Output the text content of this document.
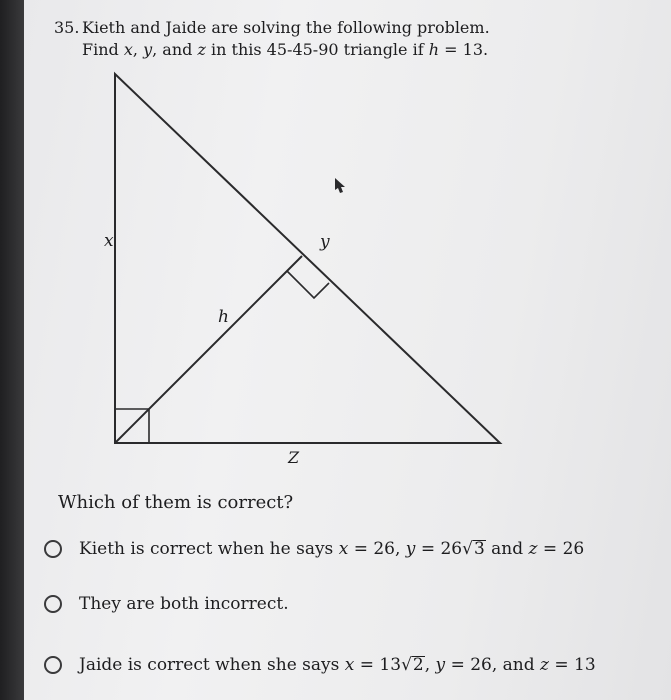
35. Kieth and Jaide are solving the following problem.
Find x, y, and z in this 45-45-90 triangle if h = 13.
x	y
h
Z
Which of them is correct?
Kieth is correct when he says x = 26, y = 26√3 and z = 26
They are both incorrect.
Jaide is correct when she says x = 13√2, y = 26, and z = 13
